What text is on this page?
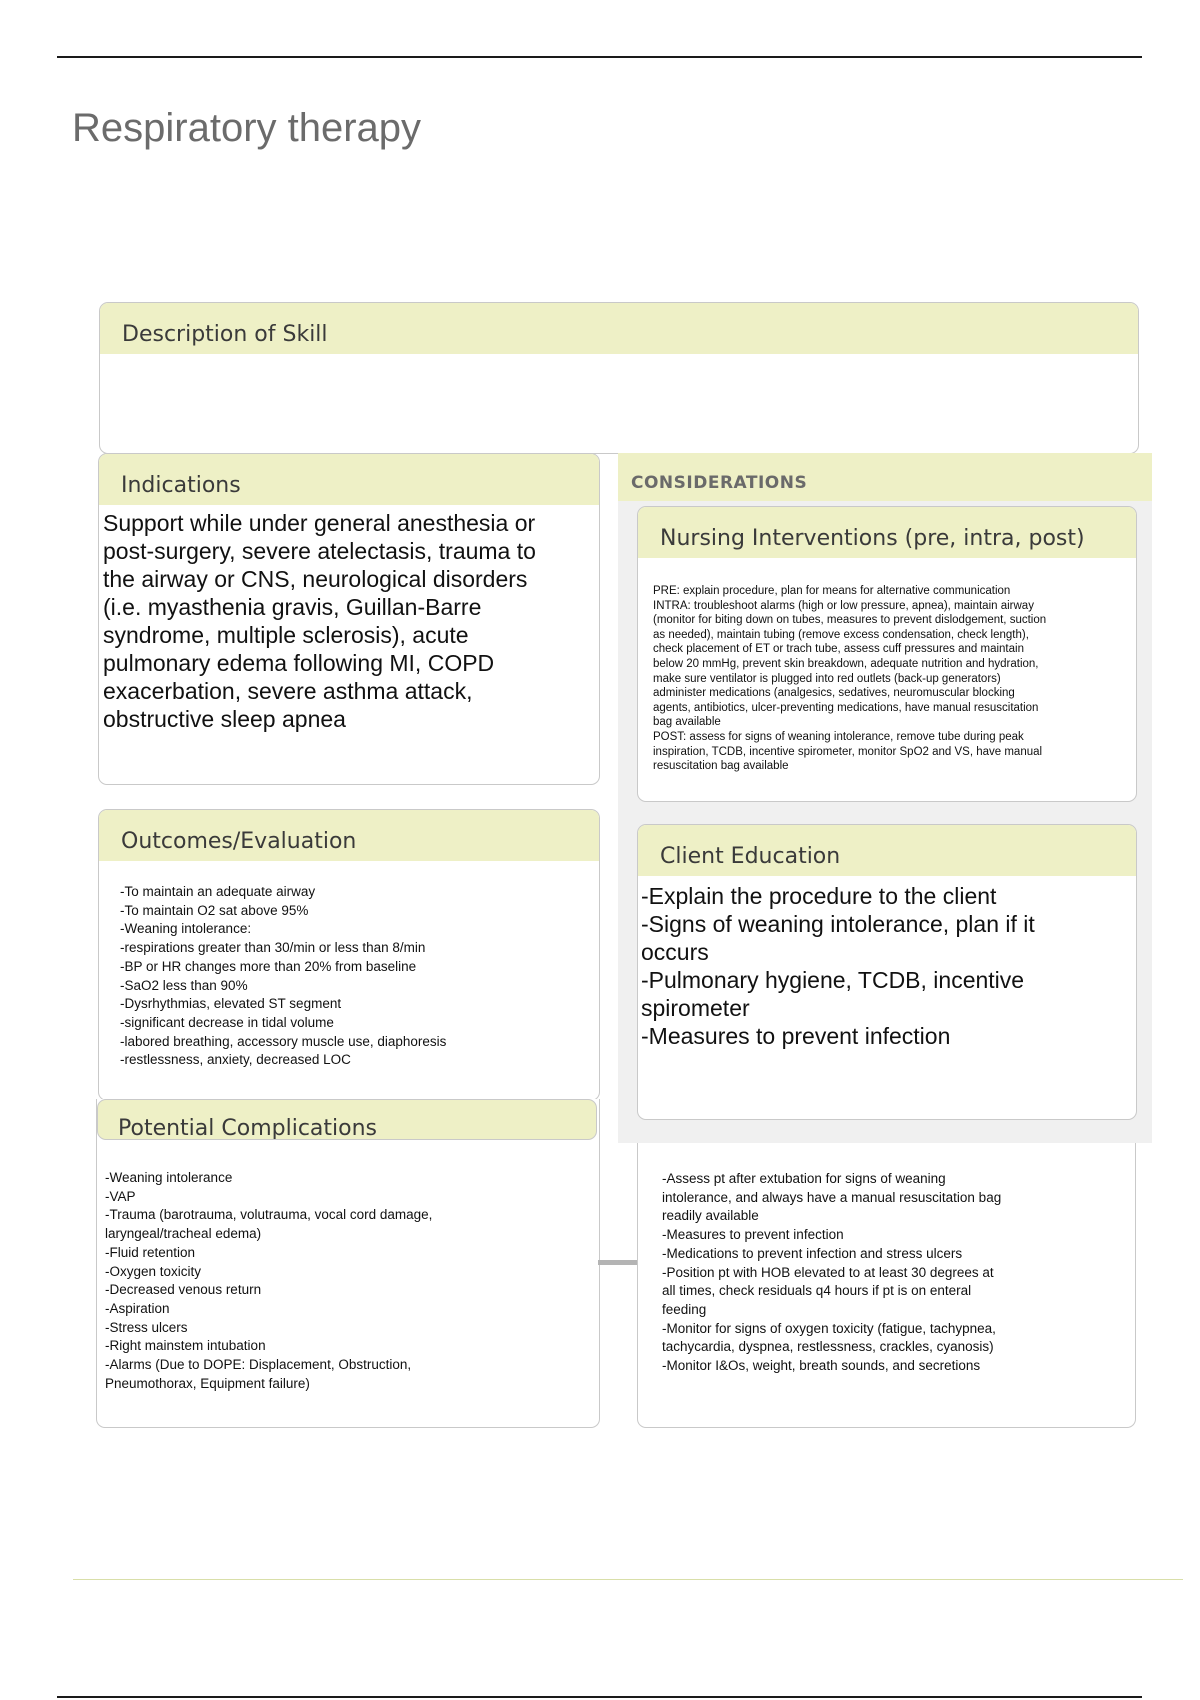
Respiratory therapy
Description of Skill

Indications

Support while under general anesthesia or
post-surgery, severe atelectasis, trauma to
the airway or CNS, neurological disorders
(i.e. myasthenia gravis, Guillan-Barre
syndrome, multiple sclerosis), acute
pulmonary edema following MI, COPD
exacerbation, severe asthma attack,
obstructive sleep apnea

Outcomes/Evaluation

-To maintain an adequate airway
-To maintain O2 sat above 95%
-Weaning intolerance:
-respirations greater than 30/min or less than 8/min
-BP or HR changes more than 20% from baseline
-SaO2 less than 90%
-Dysrhythmias, elevated ST segment
-significant decrease in tidal volume
-labored breathing, accessory muscle use, diaphoresis
-restlessness, anxiety, decreased LOC

-Weaning intolerance
-VAP
-Trauma (barotrauma, volutrauma, vocal cord damage,
laryngeal/tracheal edema)
-Fluid retention
-Oxygen toxicity
-Decreased venous return
-Aspiration
-Stress ulcers
-Right mainstem intubation
-Alarms (Due to DOPE: Displacement, Obstruction,
Pneumothorax, Equipment failure)

Potential Complications

-Assess pt after extubation for signs of weaning
intolerance, and always have a manual resuscitation bag
readily available
-Measures to prevent infection
-Medications to prevent infection and stress ulcers
-Position pt with HOB elevated to at least 30 degrees at
all times, check residuals q4 hours if pt is on enteral
feeding
-Monitor for signs of oxygen toxicity (fatigue, tachypnea,
tachycardia, dyspnea, restlessness, crackles, cyanosis)
-Monitor I&Os, weight, breath sounds, and secretions

CONSIDERATIONS
Nursing Interventions (pre, intra, post)

PRE: explain procedure, plan for means for alternative communication
INTRA: troubleshoot alarms (high or low pressure, apnea), maintain airway
(monitor for biting down on tubes, measures to prevent dislodgement, suction
as needed), maintain tubing (remove excess condensation, check length),
check placement of ET or trach tube, assess cuff pressures and maintain
below 20 mmHg, prevent skin breakdown, adequate nutrition and hydration,
make sure ventilator is plugged into red outlets (back-up generators)
administer medications (analgesics, sedatives, neuromuscular blocking
agents, antibiotics, ulcer-preventing medications, have manual resuscitation
bag available
POST: assess for signs of weaning intolerance, remove tube during peak
inspiration, TCDB, incentive spirometer, monitor SpO2 and VS, have manual
resuscitation bag available

Client Education

-Explain the procedure to the client
-Signs of weaning intolerance, plan if it
occurs
-Pulmonary hygiene, TCDB, incentive
spirometer
-Measures to prevent infection
